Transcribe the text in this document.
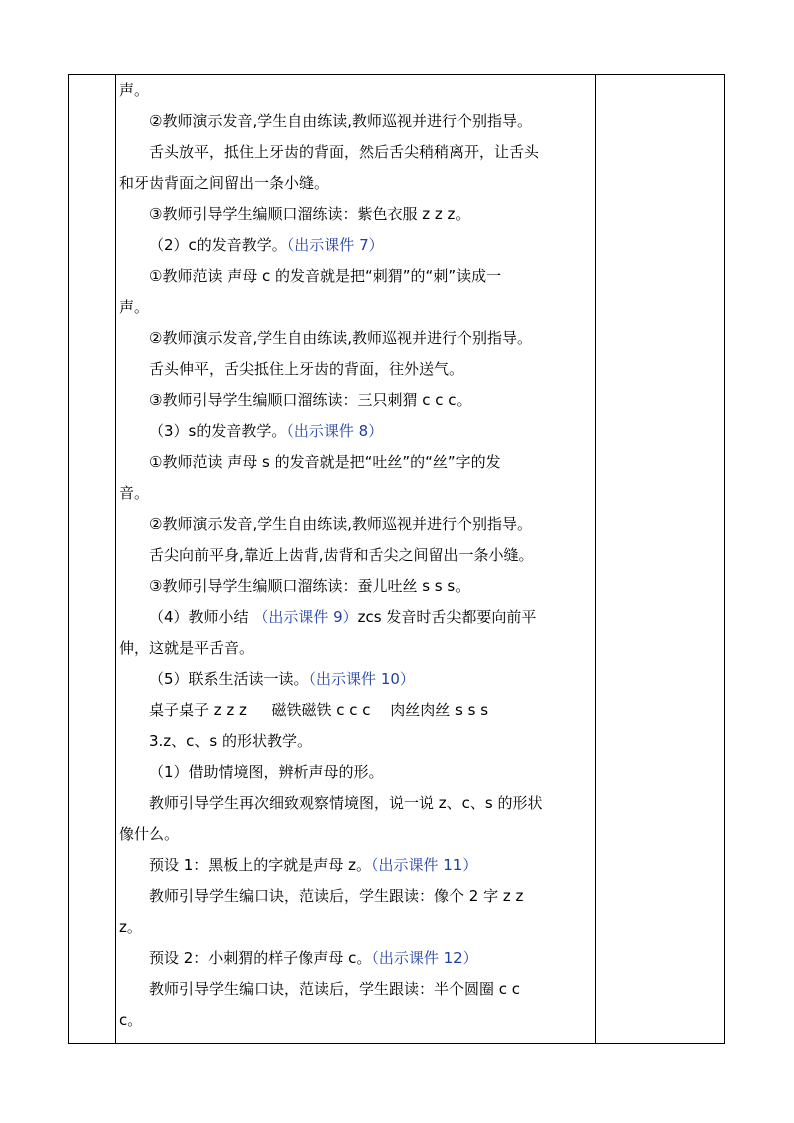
声。
②教师演示发音,学生自由练读,教师巡视并进行个别指导。
舌头放平，抵住上牙齿的背面，然后舌尖稍稍离开，让舌头
和牙齿背面之间留出一条小缝。
③教师引导学生编顺口溜练读：紫色衣服 z z z。
（2）c的发音教学。（出示课件 7）
①教师范读 声母 c 的发音就是把“刺猬”的“刺”读成一
声。
②教师演示发音,学生自由练读,教师巡视并进行个别指导。
舌头伸平，舌尖抵住上牙齿的背面，往外送气。
③教师引导学生编顺口溜练读：三只刺猬 c c c。
（3）s的发音教学。（出示课件 8）
①教师范读 声母 s 的发音就是把“吐丝”的“丝”字的发
音。
②教师演示发音,学生自由练读,教师巡视并进行个别指导。
舌尖向前平身,靠近上齿背,齿背和舌尖之间留出一条小缝。
③教师引导学生编顺口溜练读：蚕儿吐丝 s s s。
（4）教师小结 （出示课件 9）zcs 发音时舌尖都要向前平
伸，这就是平舌音。
（5）联系生活读一读。（出示课件 10）
桌子桌子 z z z 　 磁铁磁铁 c c c 　肉丝肉丝 s s s
3.z、c、s 的形状教学。
（1）借助情境图，辨析声母的形。
教师引导学生再次细致观察情境图，说一说 z、c、s 的形状
像什么。
预设 1：黑板上的字就是声母 z。（出示课件 11）
教师引导学生编口诀，范读后，学生跟读：像个 2 字 z z
z。
预设 2：小刺猬的样子像声母 c。（出示课件 12）
教师引导学生编口诀，范读后，学生跟读：半个圆圈 c c
c。
